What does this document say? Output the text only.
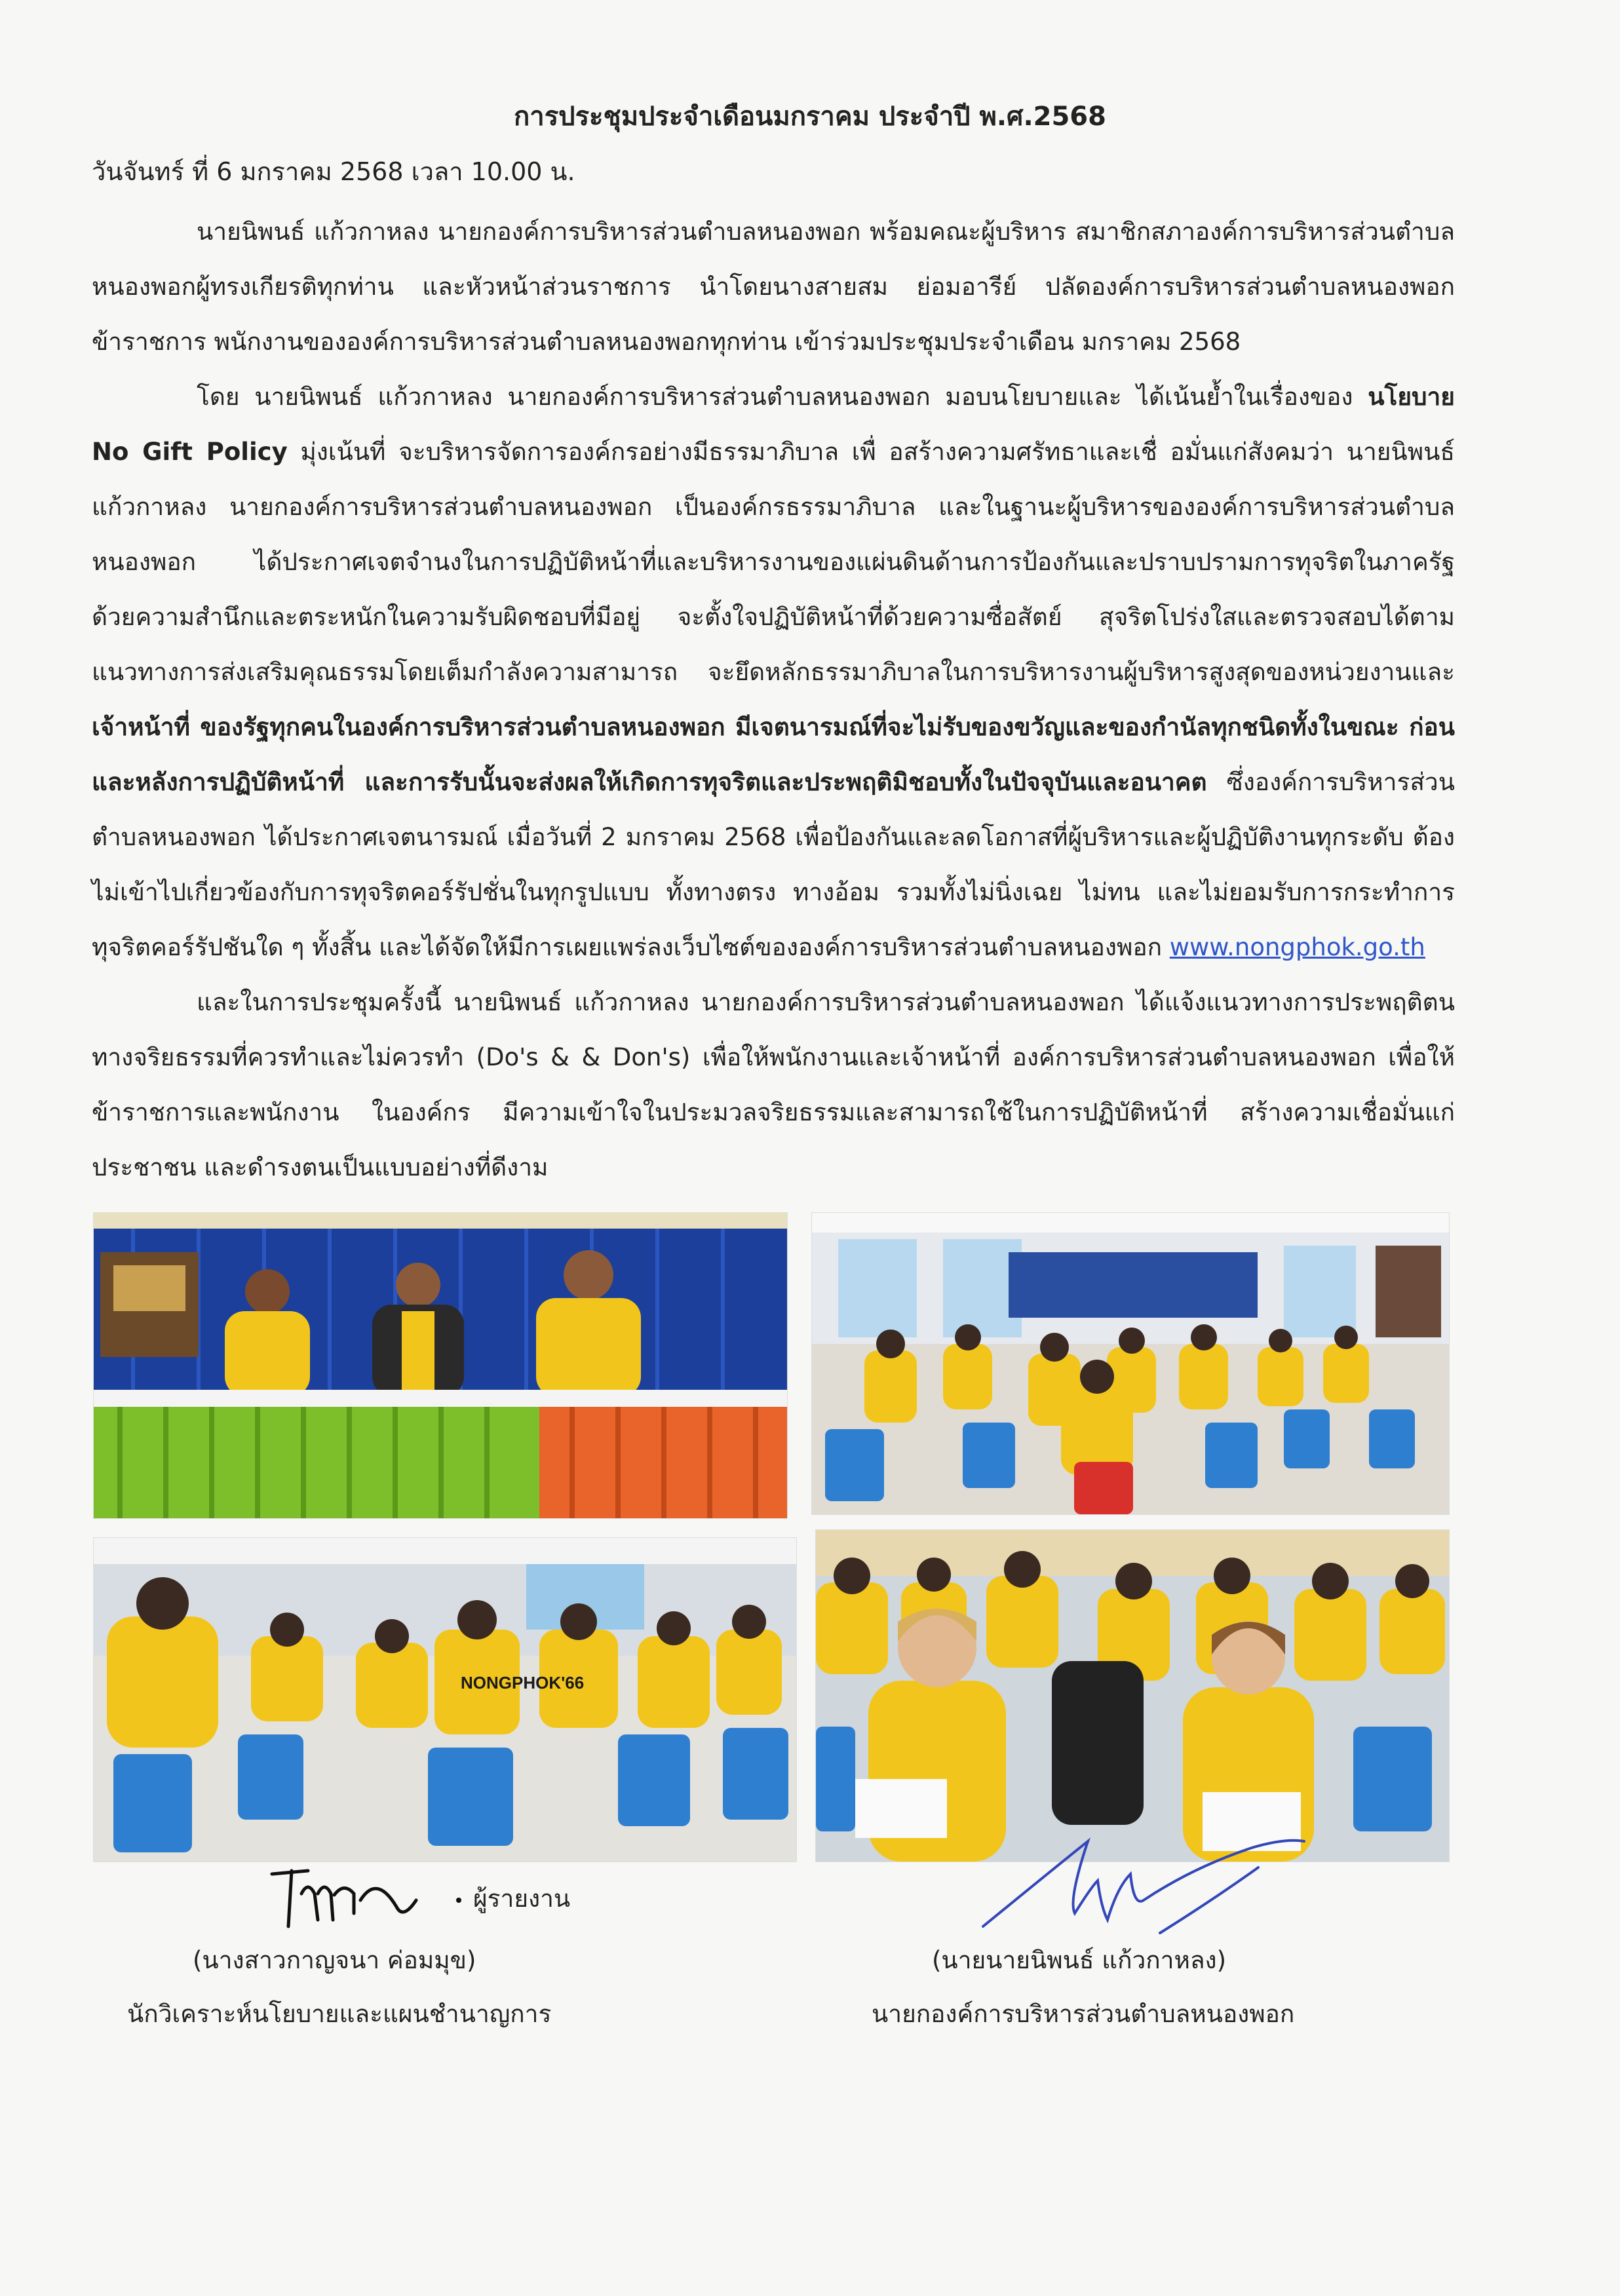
การประชุมประจำเดือนมกราคม ประจำปี พ.ศ.2568
วันจันทร์ ที่ 6 มกราคม 2568 เวลา 10.00 น.

นายนิพนธ์ แก้วกาหลง นายกองค์การบริหารส่วนตำบลหนองพอก พร้อมคณะผู้บริหาร สมาชิกสภาองค์การบริหารส่วนตำบลหนองพอกผู้ทรงเกียรติทุกท่าน และหัวหน้าส่วนราชการ นำโดยนางสายสม ย่อมอารีย์ ปลัดองค์การบริหารส่วนตำบลหนองพอก ข้าราชการ พนักงานขององค์การบริหารส่วนตำบลหนองพอกทุกท่าน เข้าร่วมประชุมประจำเดือน มกราคม 2568

โดย นายนิพนธ์ แก้วกาหลง นายกองค์การบริหารส่วนตำบลหนองพอก มอบนโยบายและ ได้เน้นย้ำในเรื่องของ นโยบาย No Gift Policy มุ่งเน้นที่ จะบริหารจัดการองค์กรอย่างมีธรรมาภิบาล เพื่ อสร้างความศรัทธาและเชื่ อมั่นแก่สังคมว่า นายนิพนธ์ แก้วกาหลง นายกองค์การบริหารส่วนตำบลหนองพอก เป็นองค์กรธรรมาภิบาล และในฐานะผู้บริหารขององค์การบริหารส่วนตำบลหนองพอก ได้ประกาศเจตจำนงในการปฏิบัติหน้าที่และบริหารงานของแผ่นดินด้านการป้องกันและปราบปรามการทุจริตในภาครัฐ ด้วยความสำนึกและตระหนักในความรับผิดชอบที่มีอยู่ จะตั้งใจปฏิบัติหน้าที่ด้วยความซื่อสัตย์ สุจริตโปร่งใสและตรวจสอบได้ตามแนวทางการส่งเสริมคุณธรรมโดยเต็มกำลังความสามารถ จะยึดหลักธรรมาภิบาลในการบริหารงานผู้บริหารสูงสุดของหน่วยงานและเจ้าหน้าที่ ของรัฐทุกคนในองค์การบริหารส่วนตำบลหนองพอก มีเจตนารมณ์ที่จะไม่รับของขวัญและของกำนัลทุกชนิดทั้งในขณะ ก่อน และหลังการปฏิบัติหน้าที่ และการรับนั้นจะส่งผลให้เกิดการทุจริตและประพฤติมิชอบทั้งในปัจจุบันและอนาคต ซึ่งองค์การบริหารส่วนตำบลหนองพอก ได้ประกาศเจตนารมณ์ เมื่อวันที่ 2 มกราคม 2568 เพื่อป้องกันและลดโอกาสที่ผู้บริหารและผู้ปฏิบัติงานทุกระดับ ต้องไม่เข้าไปเกี่ยวข้องกับการทุจริตคอร์รัปชั่นในทุกรูปแบบ ทั้งทางตรง ทางอ้อม รวมทั้งไม่นิ่งเฉย ไม่ทน และไม่ยอมรับการกระทำการทุจริตคอร์รัปชันใด ๆ ทั้งสิ้น และได้จัดให้มีการเผยแพร่ลงเว็บไซต์ขององค์การบริหารส่วนตำบลหนองพอก www.nongphok.go.th

และในการประชุมครั้งนี้ นายนิพนธ์ แก้วกาหลง นายกองค์การบริหารส่วนตำบลหนองพอก ได้แจ้งแนวทางการประพฤติตนทางจริยธรรมที่ควรทำและไม่ควรทำ (Do's & & Don's) เพื่อให้พนักงานและเจ้าหน้าที่ องค์การบริหารส่วนตำบลหนองพอก เพื่อให้ข้าราชการและพนักงาน ในองค์กร มีความเข้าใจในประมวลจริยธรรมและสามารถใช้ในการปฏิบัติหน้าที่ สร้างความเชื่อมั่นแก่ประชาชน และดำรงตนเป็นแบบอย่างที่ดีงาม

NONGPHOK'66
ผู้รายงาน
(นางสาวกาญจนา ค่อมมุข)
นักวิเคราะห์นโยบายและแผนชำนาญการ
(นายนายนิพนธ์ แก้วกาหลง)
นายกองค์การบริหารส่วนตำบลหนองพอก
